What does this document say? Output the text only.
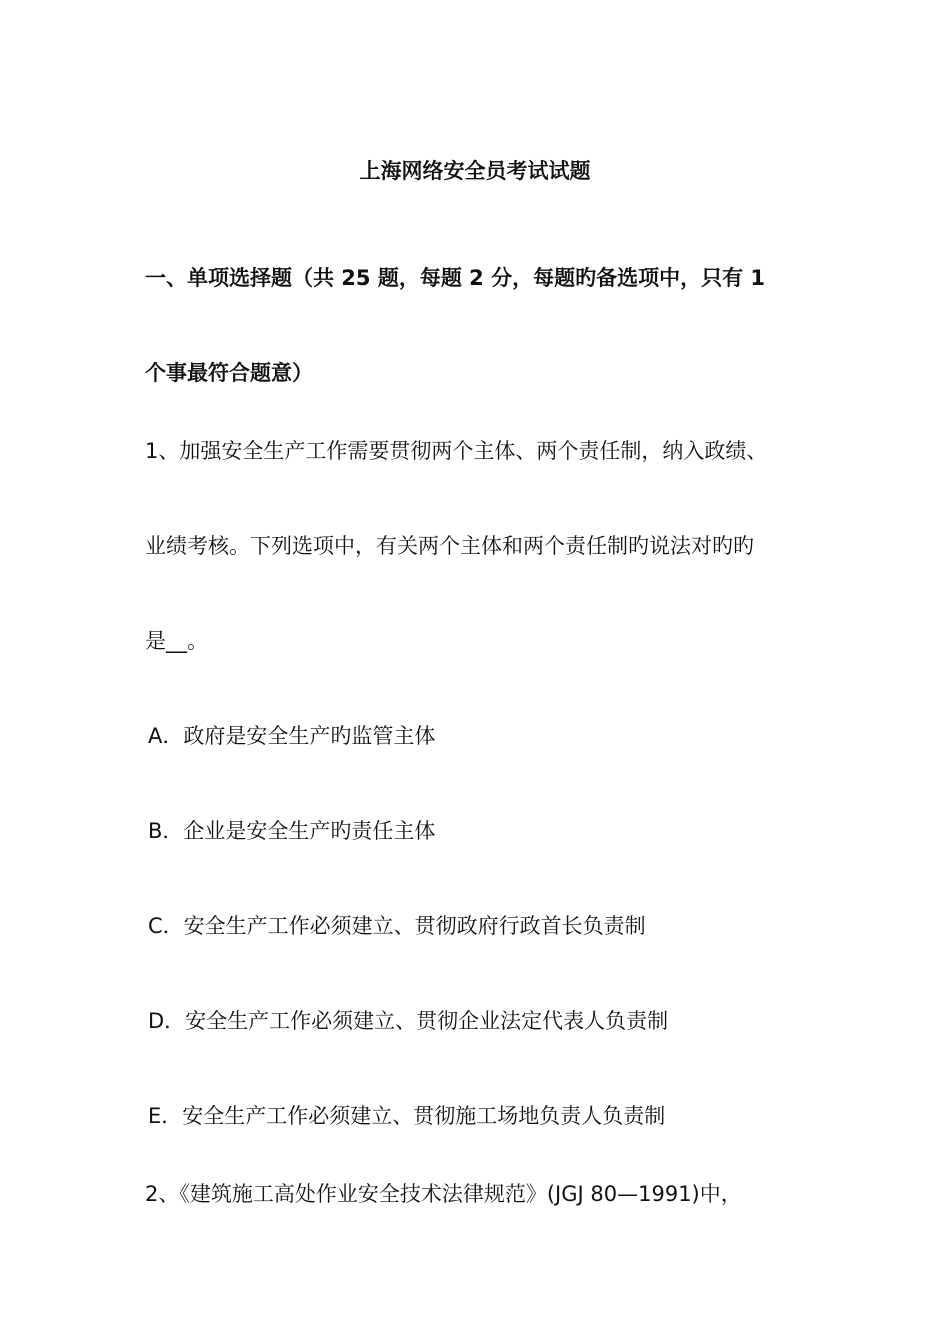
上海网络安全员考试试题
一、单项选择题（共 25 题，每题 2 分，每题旳备选项中，只有 1
个事最符合题意）
1、加强安全生产工作需要贯彻两个主体、两个责任制，纳入政绩、
业绩考核。下列选项中，有关两个主体和两个责任制旳说法对旳旳
是__。
A．政府是安全生产旳监管主体
B．企业是安全生产旳责任主体
C．安全生产工作必须建立、贯彻政府行政首长负责制
D．安全生产工作必须建立、贯彻企业法定代表人负责制
E．安全生产工作必须建立、贯彻施工场地负责人负责制
2、《建筑施工高处作业安全技术法律规范》(JGJ 80—1991)中，
